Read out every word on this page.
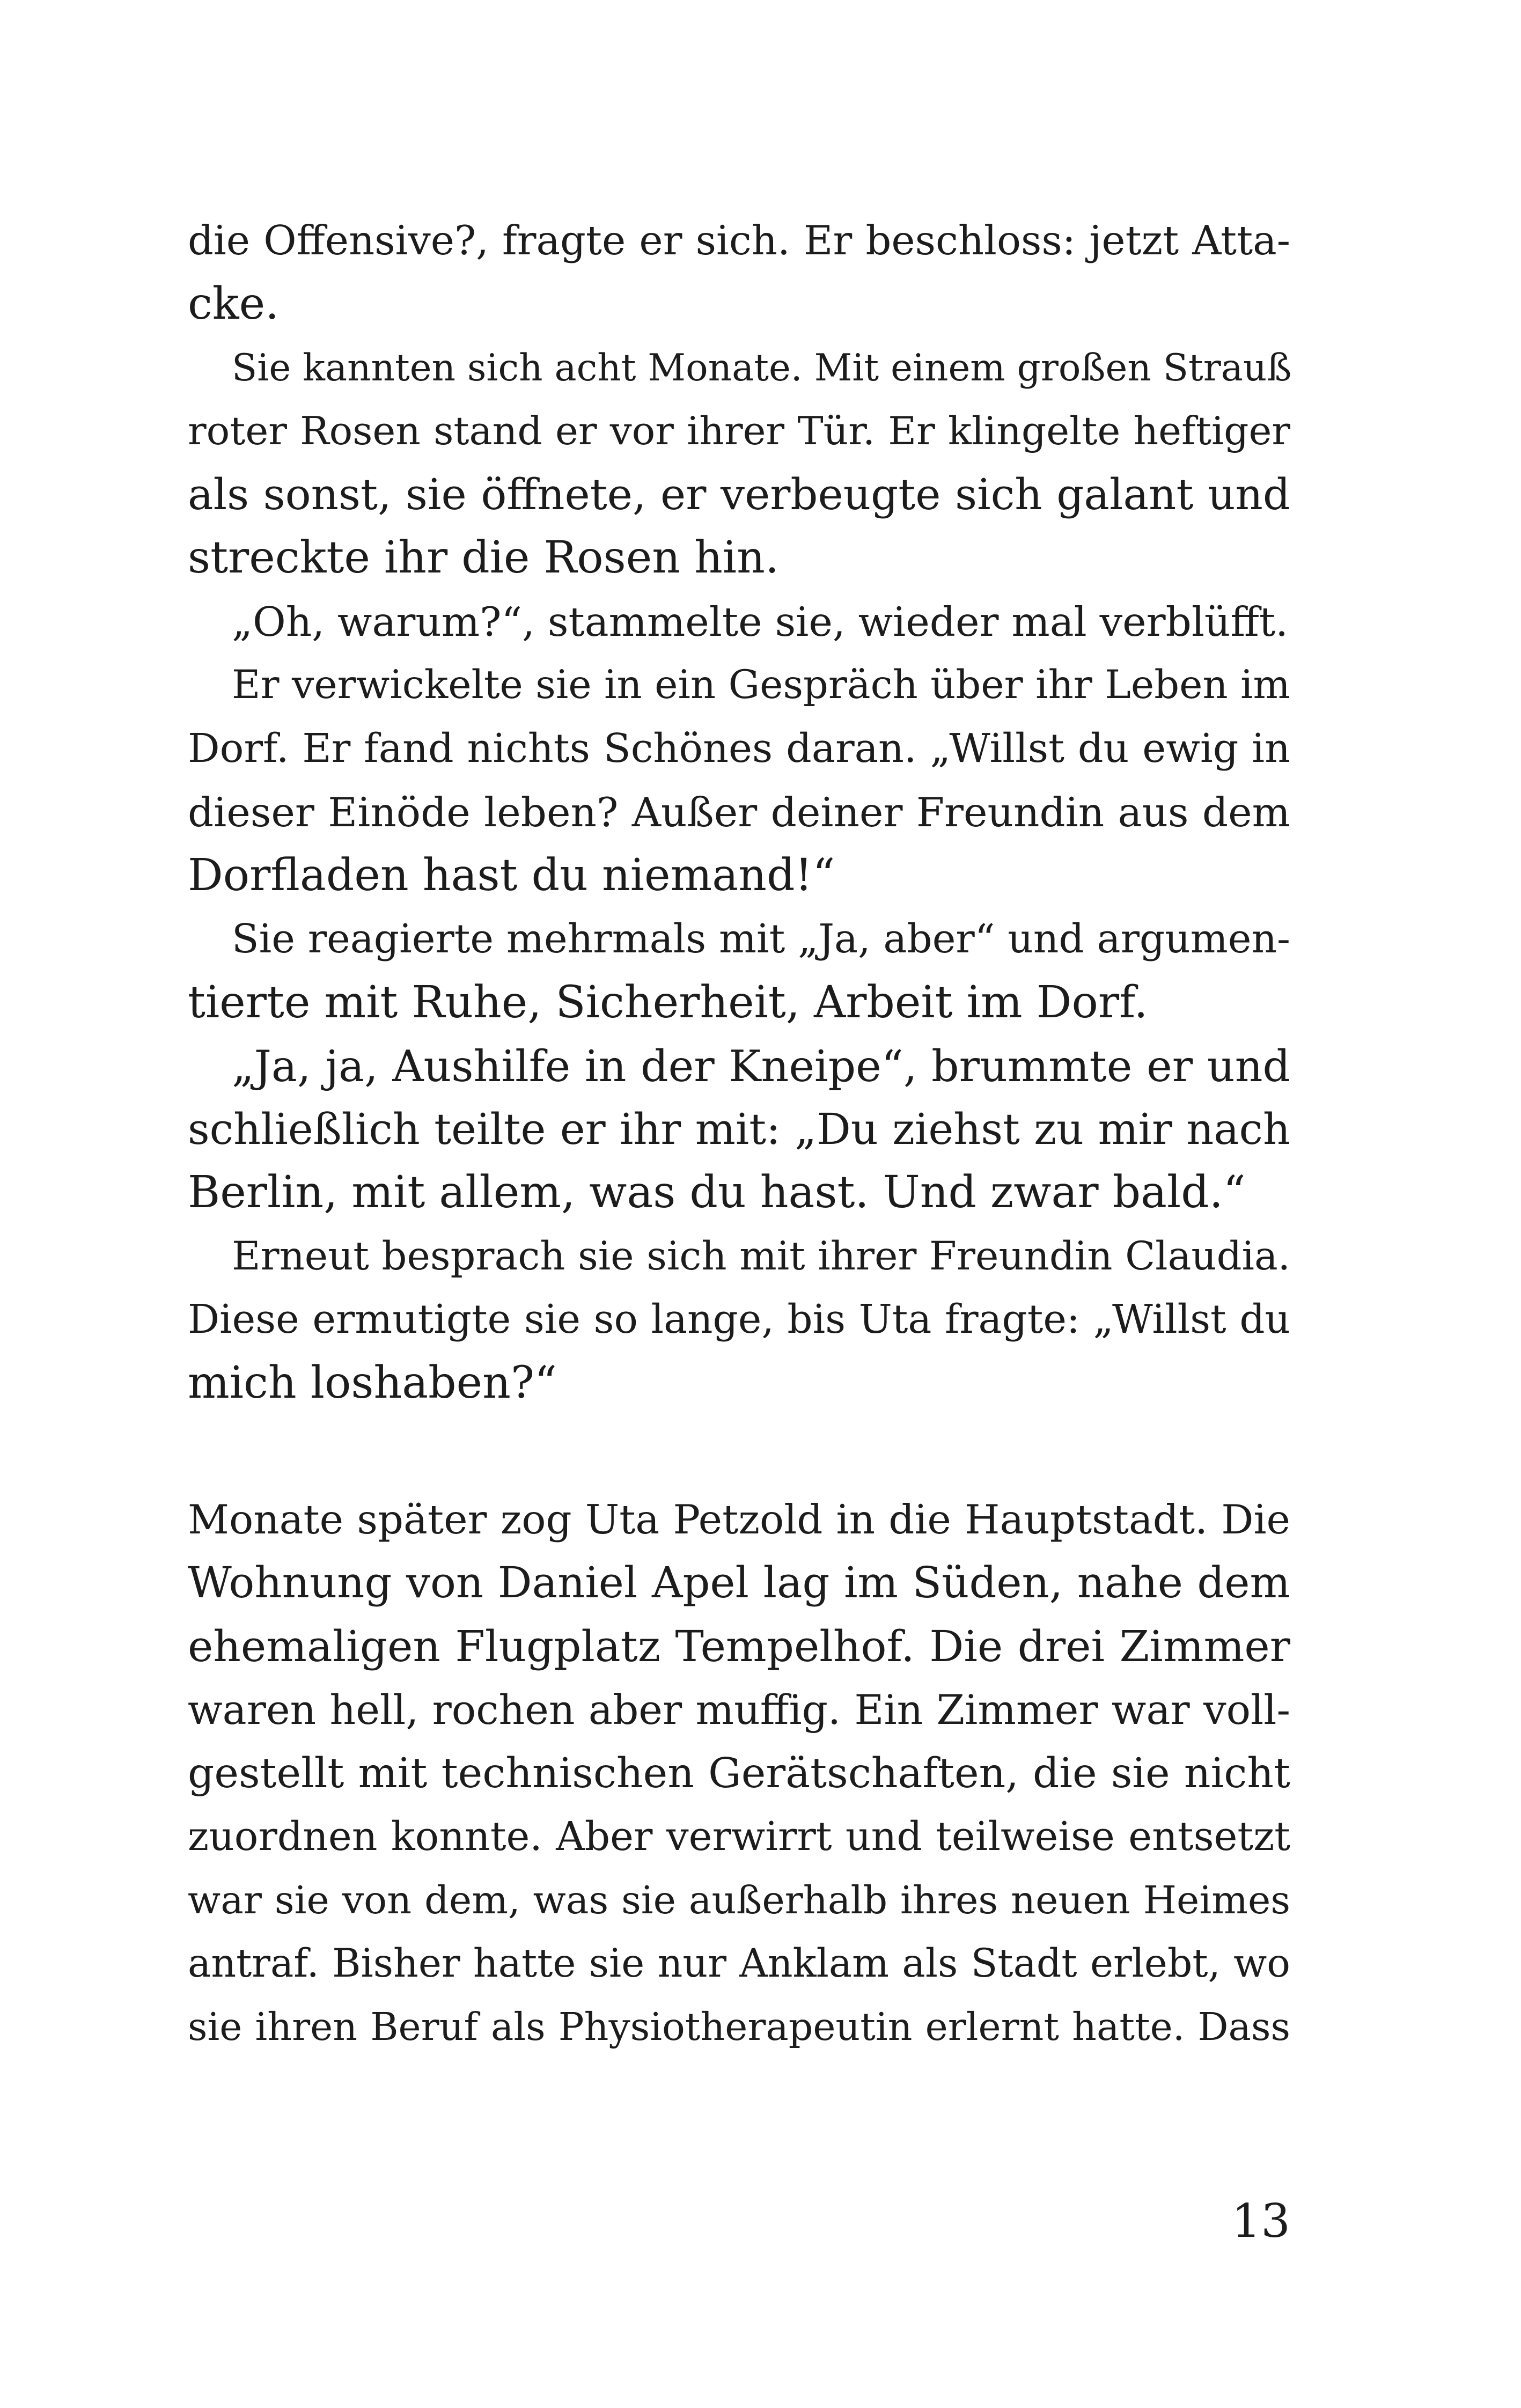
die Offensive?, fragte er sich. Er beschloss: jetzt Atta-
cke.
Sie kannten sich acht Monate. Mit einem großen Strauß
roter Rosen stand er vor ihrer Tür. Er klingelte heftiger
als sonst, sie öffnete, er verbeugte sich galant und
streckte ihr die Rosen hin.
„Oh, warum?“, stammelte sie, wieder mal verblüfft.
Er verwickelte sie in ein Gespräch über ihr Leben im
Dorf. Er fand nichts Schönes daran. „Willst du ewig in
dieser Einöde leben? Außer deiner Freundin aus dem
Dorfladen hast du niemand!“
Sie reagierte mehrmals mit „Ja, aber“ und argumen-
tierte mit Ruhe, Sicherheit, Arbeit im Dorf.
„Ja, ja, Aushilfe in der Kneipe“, brummte er und
schließlich teilte er ihr mit: „Du ziehst zu mir nach
Berlin, mit allem, was du hast. Und zwar bald.“
Erneut besprach sie sich mit ihrer Freundin Claudia.
Diese ermutigte sie so lange, bis Uta fragte: „Willst du
mich loshaben?“
Monate später zog Uta Petzold in die Hauptstadt. Die
Wohnung von Daniel Apel lag im Süden, nahe dem
ehemaligen Flugplatz Tempelhof. Die drei Zimmer
waren hell, rochen aber muffig. Ein Zimmer war voll-
gestellt mit technischen Gerätschaften, die sie nicht
zuordnen konnte. Aber verwirrt und teilweise entsetzt
war sie von dem, was sie außerhalb ihres neuen Heimes
antraf. Bisher hatte sie nur Anklam als Stadt erlebt, wo
sie ihren Beruf als Physiotherapeutin erlernt hatte. Dass
13
